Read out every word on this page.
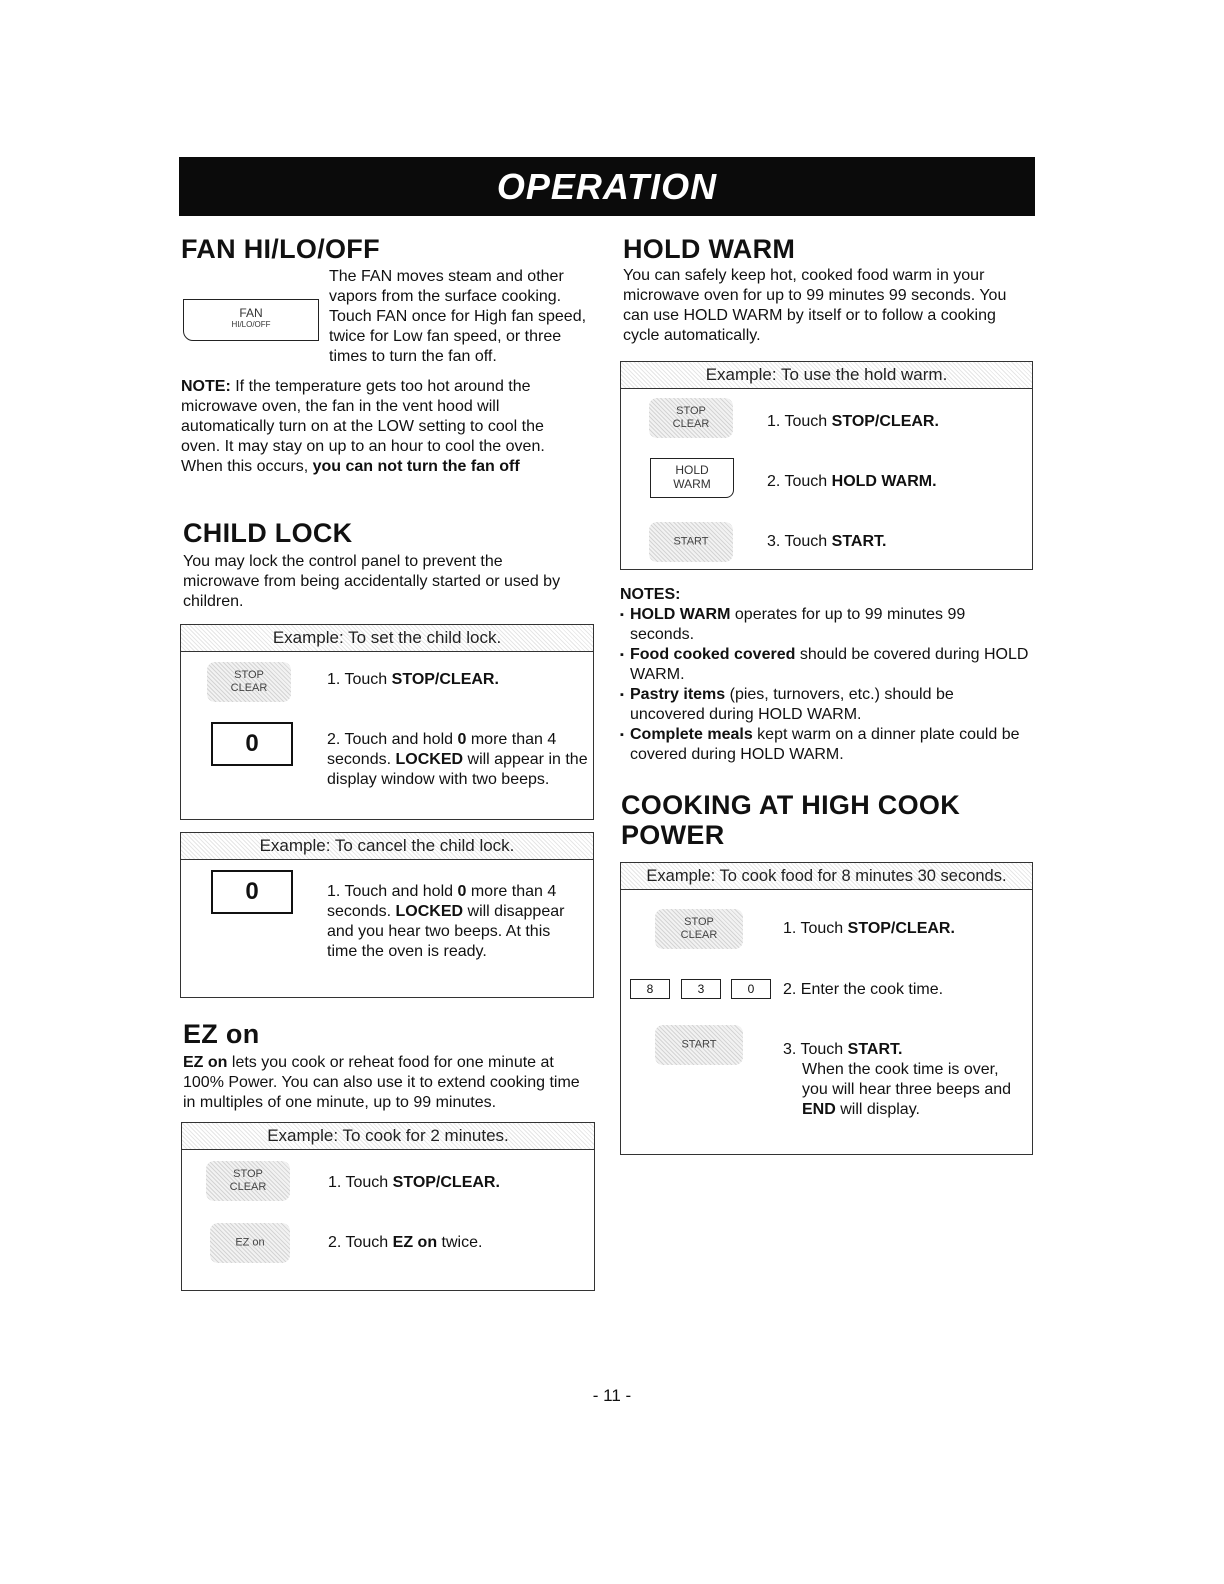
OPERATION
FAN HI/LO/OFF
FAN
HI/LO/OFF

The FAN moves steam and other vapors from the surface cooking. Touch FAN once for High fan speed, twice for Low fan speed, or three times to turn the fan off.

NOTE: If the temperature gets too hot around the microwave oven, the fan in the vent hood will automatically turn on at the LOW setting to cool the oven. It may stay on up to an hour to cool the oven. When this occurs, you can not turn the fan off

CHILD LOCK

You may lock the control panel to prevent the microwave from being accidentally started or used by children.

Example: To set the child lock.
STOP
CLEAR	1. Touch STOP/CLEAR.
0	2. Touch and hold 0 more than 4 seconds. LOCKED will appear in the display window with two beeps.
Example: To cancel the child lock.
0	1. Touch and hold 0 more than 4 seconds. LOCKED will disappear and you hear two beeps. At this time the oven is ready.
EZ on

EZ on lets you cook or reheat food for one minute at 100% Power. You can also use it to extend cooking time in multiples of one minute, up to 99 minutes.

Example: To cook for 2 minutes.
STOP
CLEAR	1. Touch STOP/CLEAR.
EZ on	2. Touch EZ on twice.
HOLD WARM

You can safely keep hot, cooked food warm in your microwave oven for up to 99 minutes 99 seconds. You can use HOLD WARM by itself or to follow a cooking cycle automatically.

Example: To use the hold warm.
STOP
CLEAR	1. Touch STOP/CLEAR.
HOLD
WARM	2. Touch HOLD WARM.
START	3. Touch START.
NOTES:
▪ HOLD WARM operates for up to 99 minutes 99 seconds.
▪ Food cooked covered should be covered during HOLD WARM.
▪ Pastry items (pies, turnovers, etc.) should be uncovered during HOLD WARM.
▪ Complete meals kept warm on a dinner plate could be covered during HOLD WARM.
COOKING AT HIGH COOK
POWER
Example: To cook food for 8 minutes 30 seconds.
STOP
CLEAR	1. Touch STOP/CLEAR.
8	3	0	2. Enter the cook time.
START	3. Touch START.
When the cook time is over, you will hear three beeps and END will display.
- 11 -
